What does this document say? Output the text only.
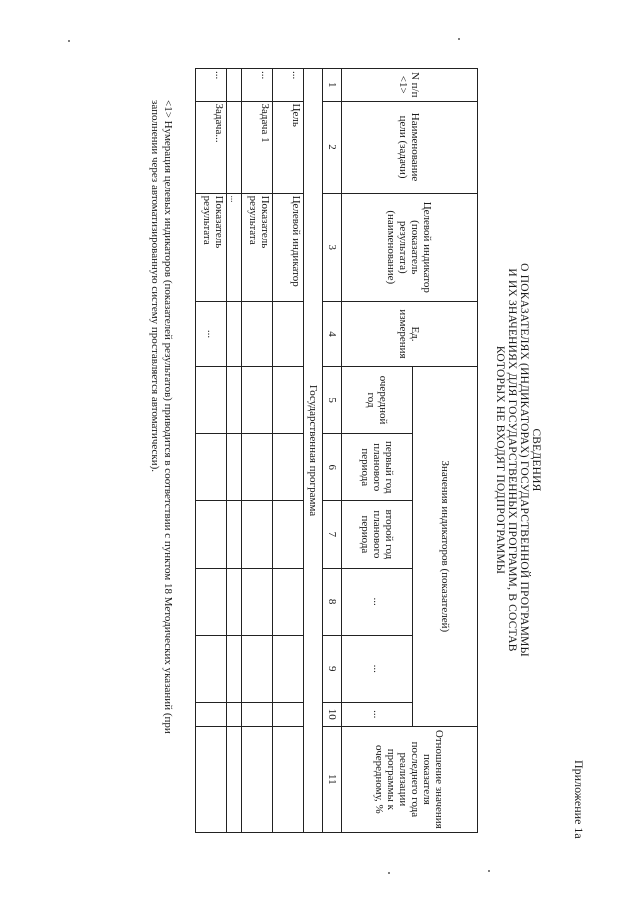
Приложение 1а
СВЕДЕНИЯ
О ПОКАЗАТЕЛЯХ (ИНДИКАТОРАХ) ГОСУДАРСТВЕННОЙ ПРОГРАММЫ
И ИХ ЗНАЧЕНИЯХ ДЛЯ ГОСУДАРСТВЕННЫХ ПРОГРАММ, В СОСТАВ
КОТОРЫХ НЕ ВХОДЯТ ПОДПРОГРАММЫ
N п/п <1>	Наименование цели (задачи)	Целевой индикатор (показатель результата) (наименование)	Ед. измерения	Значения индикаторов (показателей)						Отношение значения показателя последнего года реализации программы к очередному, %
				очередной год	первый год планового периода	второй год планового периода	...	...	...	
1	2	3	4	5	6	7	8	9	10	11
Государственная программа										
...	Цель	Целевой индикатор								
...	Задача 1	Показатель результата								
		...								
...	Задача...	Показатель результата	...							
<1> Нумерация целевых индикаторов (показателей результатов) приводится в соответствии с пунктом 18 Методических указаний (при
заполнении через автоматизированную систему проставляется автоматически).
